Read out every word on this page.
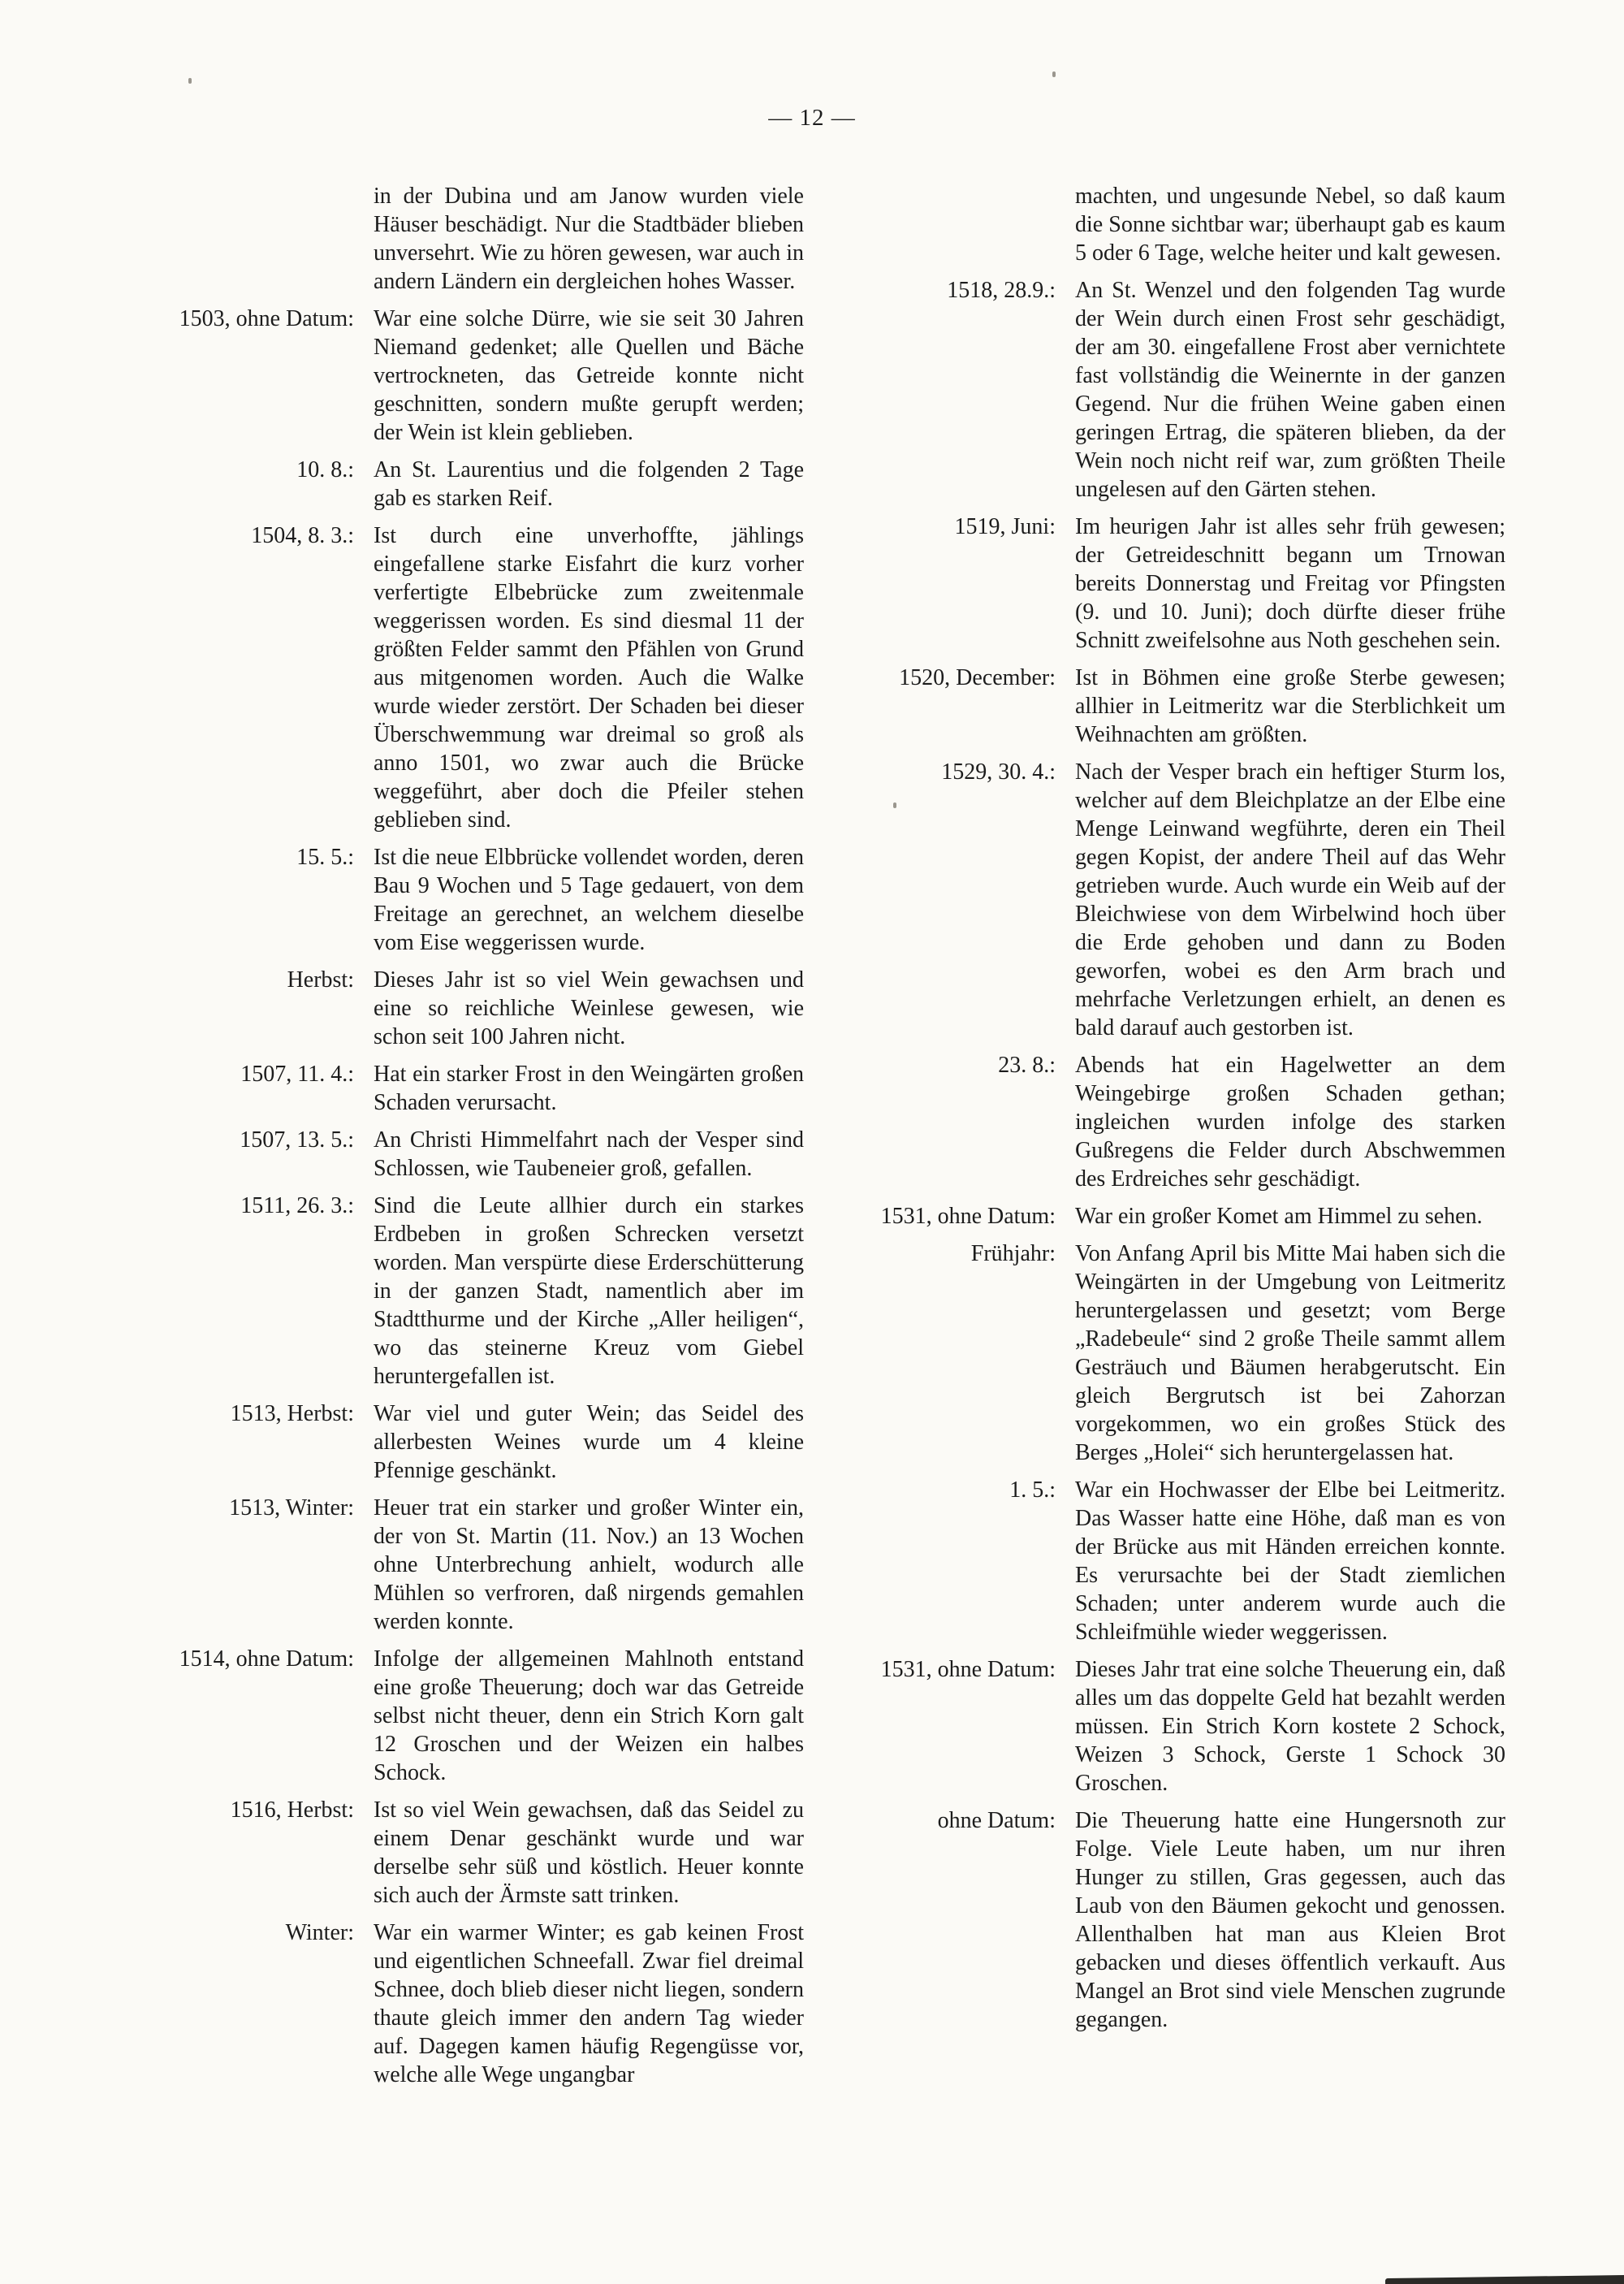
— 12 —
in der Dubina und am Janow wurden viele Häuser beschädigt. Nur die Stadtbäder blieben unversehrt. Wie zu hören gewesen, war auch in andern Ländern ein dergleichen hohes Wasser.
1503, ohne Datum: War eine solche Dürre, wie sie seit 30 Jahren Niemand gedenket; alle Quellen und Bäche vertrockneten, das Getreide konnte nicht geschnitten, sondern mußte gerupft werden; der Wein ist klein geblieben.
10. 8.: An St. Laurentius und die folgenden 2 Tage gab es starken Reif.
1504, 8. 3.: Ist durch eine unverhoffte, jählings eingefallene starke Eisfahrt die kurz vorher verfertigte Elbebrücke zum zweitenmale weggerissen worden. Es sind diesmal 11 der größten Felder sammt den Pfählen von Grund aus mitgenomen worden. Auch die Walke wurde wieder zerstört. Der Schaden bei dieser Überschwemmung war dreimal so groß als anno 1501, wo zwar auch die Brücke weggeführt, aber doch die Pfeiler stehen geblieben sind.
15. 5.: Ist die neue Elbbrücke vollendet worden, deren Bau 9 Wochen und 5 Tage gedauert, von dem Freitage an gerechnet, an welchem dieselbe vom Eise weggerissen wurde.
Herbst: Dieses Jahr ist so viel Wein gewachsen und eine so reichliche Weinlese gewesen, wie schon seit 100 Jahren nicht.
1507, 11. 4.: Hat ein starker Frost in den Weingärten großen Schaden verursacht.
1507, 13. 5.: An Christi Himmelfahrt nach der Vesper sind Schlossen, wie Taubeneier groß, gefallen.
1511, 26. 3.: Sind die Leute allhier durch ein starkes Erdbeben in großen Schrecken versetzt worden. Man verspürte diese Erderschütterung in der ganzen Stadt, namentlich aber im Stadtthurme und der Kirche „Aller heiligen“, wo das steinerne Kreuz vom Giebel heruntergefallen ist.
1513, Herbst: War viel und guter Wein; das Seidel des allerbesten Weines wurde um 4 kleine Pfennige geschänkt.
1513, Winter: Heuer trat ein starker und großer Winter ein, der von St. Martin (11. Nov.) an 13 Wochen ohne Unterbrechung anhielt, wodurch alle Mühlen so verfroren, daß nirgends gemahlen werden konnte.
1514, ohne Datum: Infolge der allgemeinen Mahlnoth entstand eine große Theuerung; doch war das Getreide selbst nicht theuer, denn ein Strich Korn galt 12 Groschen und der Weizen ein halbes Schock.
1516, Herbst: Ist so viel Wein gewachsen, daß das Seidel zu einem Denar geschänkt wurde und war derselbe sehr süß und köstlich. Heuer konnte sich auch der Ärmste satt trinken.
Winter: War ein warmer Winter; es gab keinen Frost und eigentlichen Schneefall. Zwar fiel dreimal Schnee, doch blieb dieser nicht liegen, sondern thaute gleich immer den andern Tag wieder auf. Dagegen kamen häufig Regengüsse vor, welche alle Wege ungangbar
machten, und ungesunde Nebel, so daß kaum die Sonne sichtbar war; überhaupt gab es kaum 5 oder 6 Tage, welche heiter und kalt gewesen.
1518, 28.9.: An St. Wenzel und den folgenden Tag wurde der Wein durch einen Frost sehr geschädigt, der am 30. eingefallene Frost aber vernichtete fast vollständig die Weinernte in der ganzen Gegend. Nur die frühen Weine gaben einen geringen Ertrag, die späteren blieben, da der Wein noch nicht reif war, zum größten Theile ungelesen auf den Gärten stehen.
1519, Juni: Im heurigen Jahr ist alles sehr früh gewesen; der Getreideschnitt begann um Trnowan bereits Donnerstag und Freitag vor Pfingsten (9. und 10. Juni); doch dürfte dieser frühe Schnitt zweifelsohne aus Noth geschehen sein.
1520, December: Ist in Böhmen eine große Sterbe gewesen; allhier in Leitmeritz war die Sterblichkeit um Weihnachten am größten.
1529, 30. 4.: Nach der Vesper brach ein heftiger Sturm los, welcher auf dem Bleichplatze an der Elbe eine Menge Leinwand wegführte, deren ein Theil gegen Kopist, der andere Theil auf das Wehr getrieben wurde. Auch wurde ein Weib auf der Bleichwiese von dem Wirbelwind hoch über die Erde gehoben und dann zu Boden geworfen, wobei es den Arm brach und mehrfache Verletzungen erhielt, an denen es bald darauf auch gestorben ist.
23. 8.: Abends hat ein Hagelwetter an dem Weingebirge großen Schaden gethan; ingleichen wurden infolge des starken Gußregens die Felder durch Abschwemmen des Erdreiches sehr geschädigt.
1531, ohne Datum: War ein großer Komet am Himmel zu sehen.
Frühjahr: Von Anfang April bis Mitte Mai haben sich die Weingärten in der Umgebung von Leitmeritz heruntergelassen und gesetzt; vom Berge „Radebeule“ sind 2 große Theile sammt allem Gesträuch und Bäumen herabgerutscht. Ein gleich Bergrutsch ist bei Zahorzan vorgekommen, wo ein großes Stück des Berges „Holei“ sich heruntergelassen hat.
1. 5.: War ein Hochwasser der Elbe bei Leitmeritz. Das Wasser hatte eine Höhe, daß man es von der Brücke aus mit Händen erreichen konnte. Es verursachte bei der Stadt ziemlichen Schaden; unter anderem wurde auch die Schleifmühle wieder weggerissen.
1531, ohne Datum: Dieses Jahr trat eine solche Theuerung ein, daß alles um das doppelte Geld hat bezahlt werden müssen. Ein Strich Korn kostete 2 Schock, Weizen 3 Schock, Gerste 1 Schock 30 Groschen.
ohne Datum: Die Theuerung hatte eine Hungersnoth zur Folge. Viele Leute haben, um nur ihren Hunger zu stillen, Gras gegessen, auch das Laub von den Bäumen gekocht und genossen. Allenthalben hat man aus Kleien Brot gebacken und dieses öffentlich verkauft. Aus Mangel an Brot sind viele Menschen zugrunde gegangen.
